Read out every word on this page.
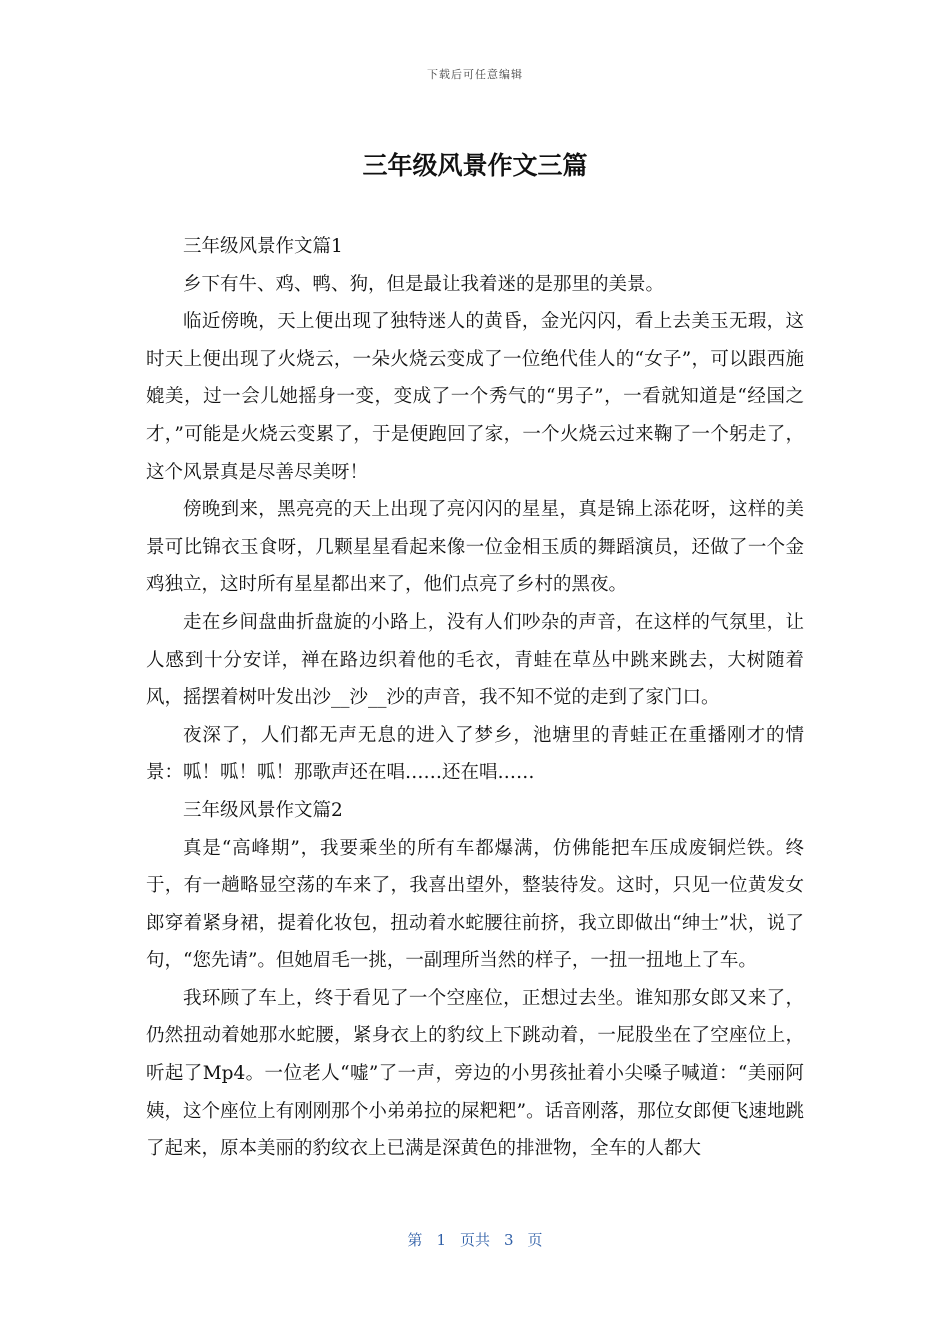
下载后可任意编辑
三年级风景作文三篇

三年级风景作文篇1

乡下有牛、鸡、鸭、狗，但是最让我着迷的是那里的美景。

临近傍晚，天上便出现了独特迷人的黄昏，金光闪闪，看上去美玉无瑕，这时天上便出现了火烧云，一朵火烧云变成了一位绝代佳人的“女子”，可以跟西施媲美，过一会儿她摇身一变，变成了一个秀气的“男子”，一看就知道是“经国之才，”可能是火烧云变累了，于是便跑回了家，一个火烧云过来鞠了一个躬走了，这个风景真是尽善尽美呀！

傍晚到来，黑亮亮的天上出现了亮闪闪的星星，真是锦上添花呀，这样的美景可比锦衣玉食呀，几颗星星看起来像一位金相玉质的舞蹈演员，还做了一个金鸡独立，这时所有星星都出来了，他们点亮了乡村的黑夜。

走在乡间盘曲折盘旋的小路上，没有人们吵杂的声音，在这样的气氛里，让人感到十分安详，禅在路边织着他的毛衣，青蛙在草丛中跳来跳去，大树随着风，摇摆着树叶发出沙__沙__沙的声音，我不知不觉的走到了家门口。

夜深了，人们都无声无息的进入了梦乡，池塘里的青蛙正在重播刚才的情景：呱！呱！呱！那歌声还在唱……还在唱……

三年级风景作文篇2

真是“高峰期”，我要乘坐的所有车都爆满，仿佛能把车压成废铜烂铁。终于，有一趟略显空荡的车来了，我喜出望外，整装待发。这时，只见一位黄发女郎穿着紧身裙，提着化妆包，扭动着水蛇腰往前挤，我立即做出“绅士”状，说了句，“您先请”。但她眉毛一挑，一副理所当然的样子，一扭一扭地上了车。

我环顾了车上，终于看见了一个空座位，正想过去坐。谁知那女郎又来了，仍然扭动着她那水蛇腰，紧身衣上的豹纹上下跳动着，一屁股坐在了空座位上，听起了Mp4。一位老人“嘘”了一声，旁边的小男孩扯着小尖嗓子喊道：“美丽阿姨，这个座位上有刚刚那个小弟弟拉的屎粑粑”。话音刚落，那位女郎便飞速地跳了起来，原本美丽的豹纹衣上已满是深黄色的排泄物，全车的人都大

第 1 页共 3 页
